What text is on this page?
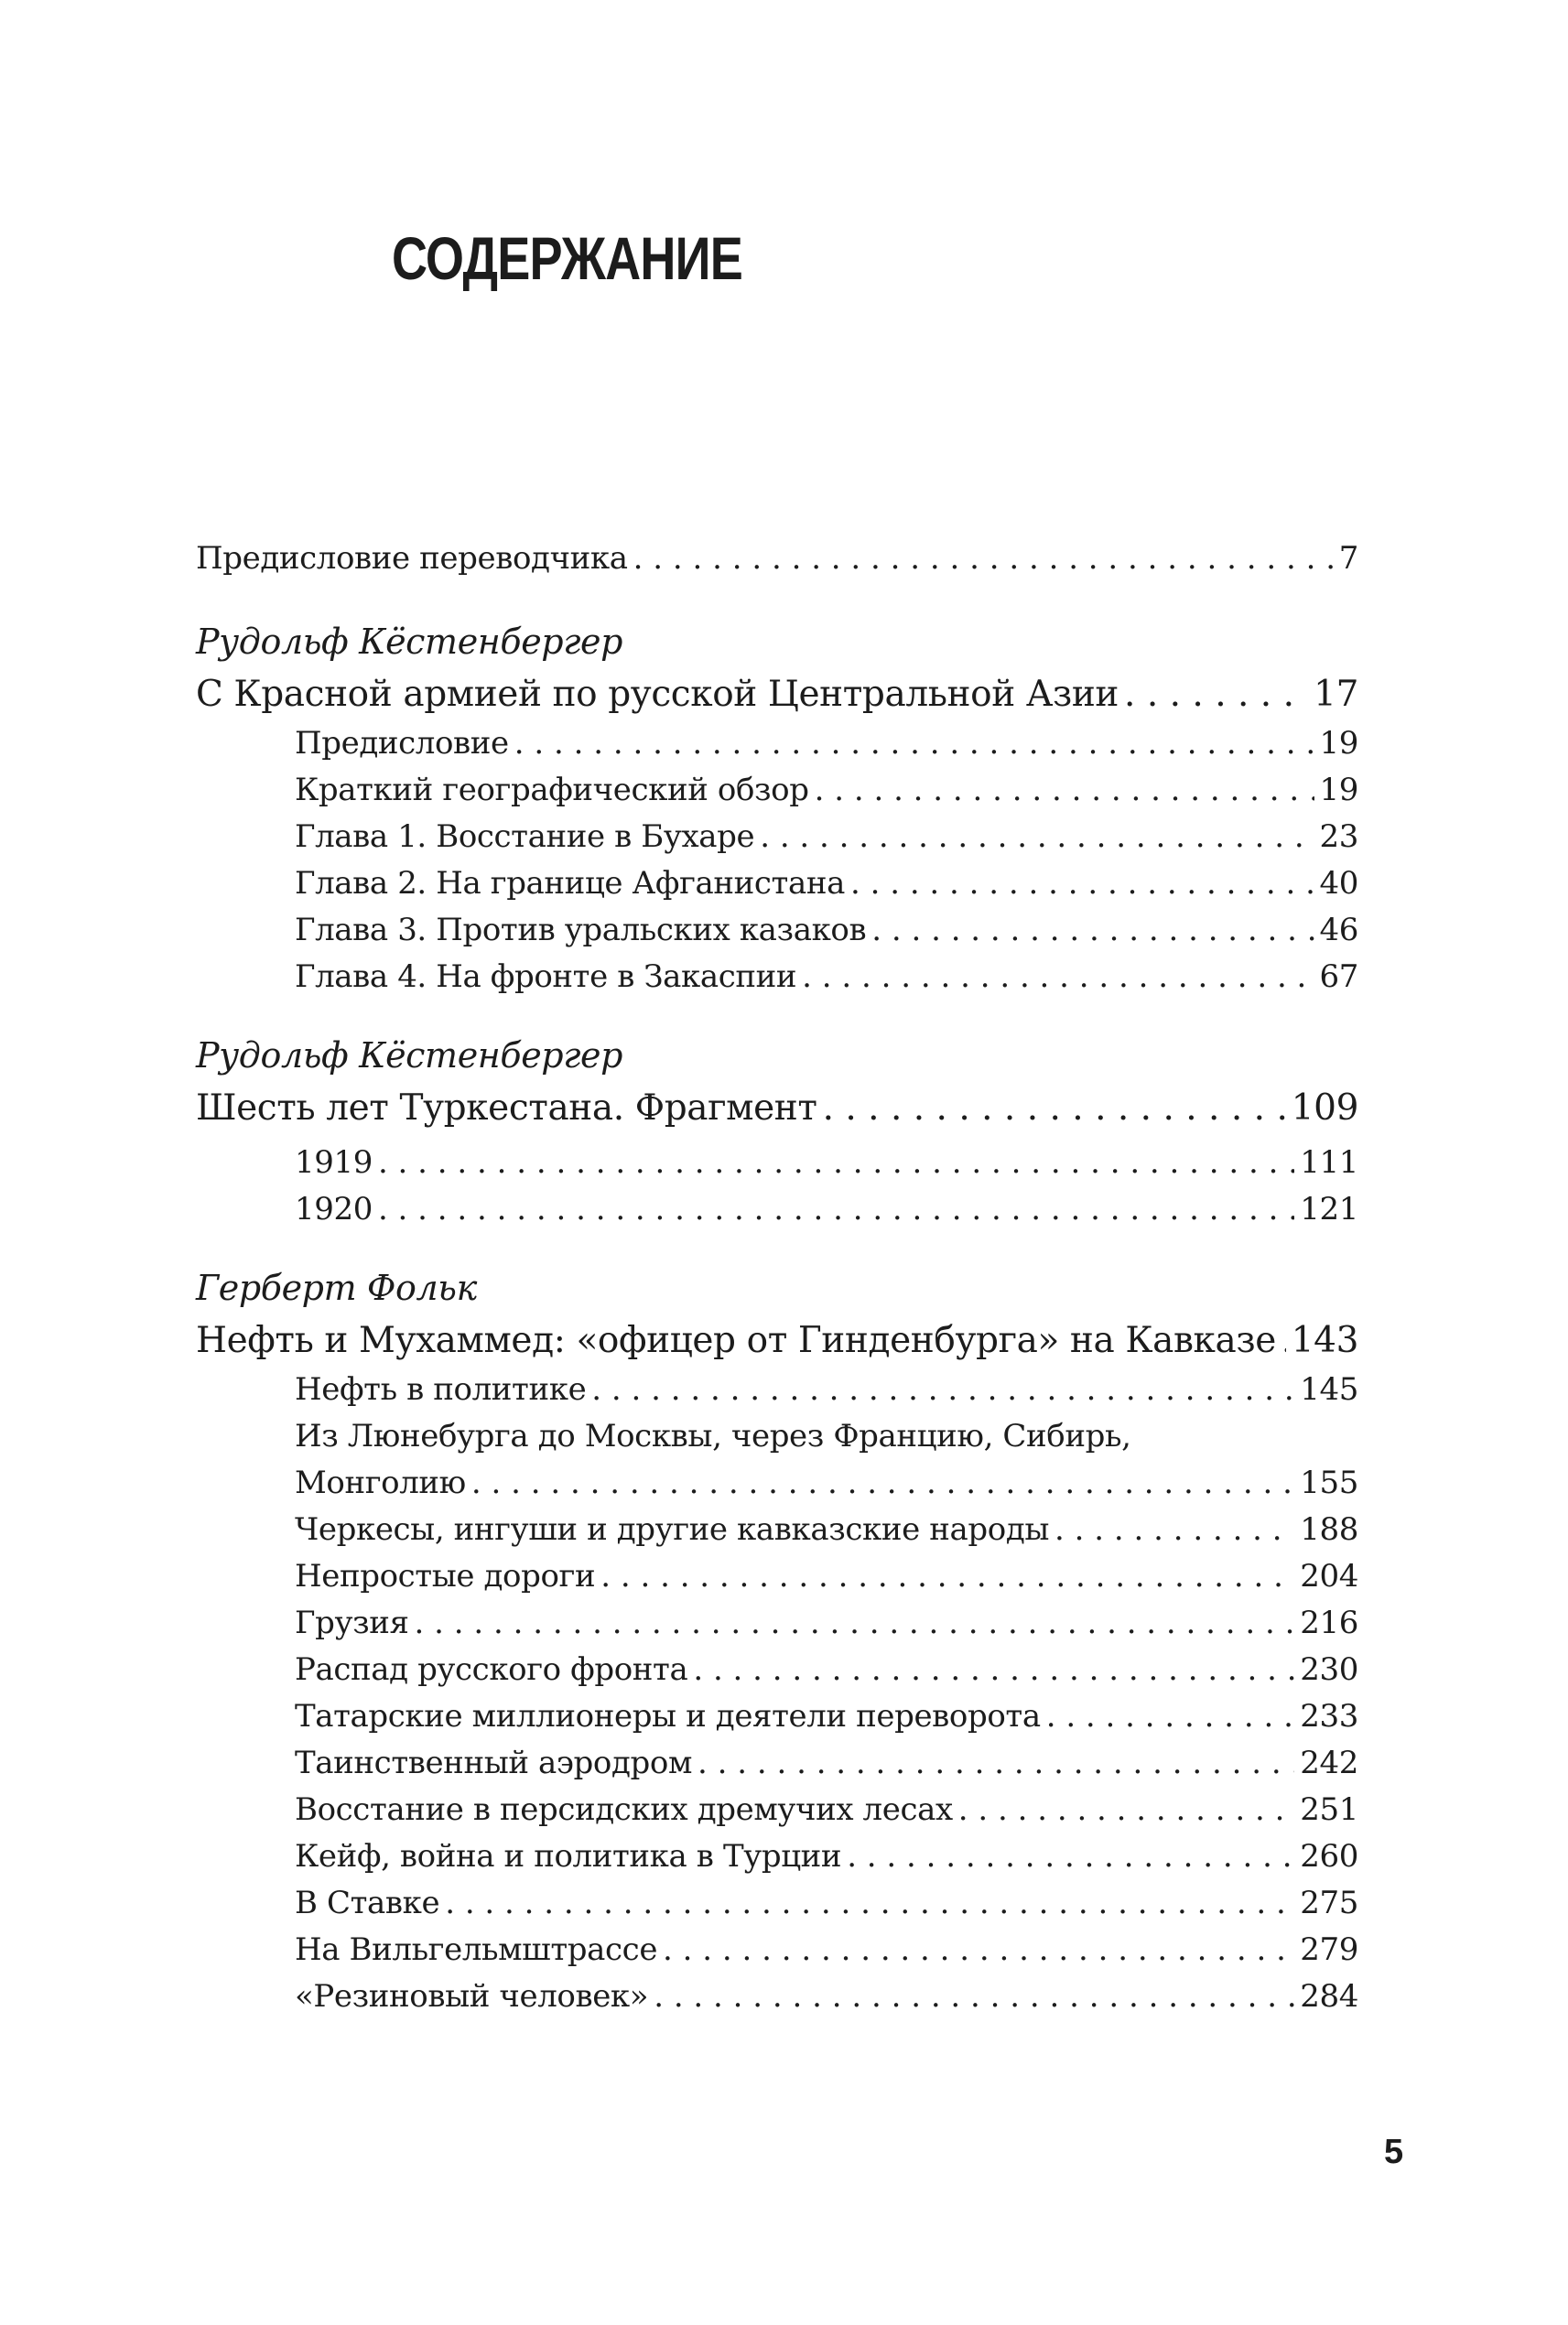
СОДЕРЖАНИЕ
Предисловие переводчика . . .	7
Рудольф Кёстенбергер
С Красной армией по русской Центральной Азии . . .	17
Предисловие . . .	19
Краткий географический обзор . . .	19
Глава 1. Восстание в Бухаре . . .	23
Глава 2. На границе Афганистана . . .	40
Глава 3. Против уральских казаков . . .	46
Глава 4. На фронте в Закаспии . . .	67
Рудольф Кёстенбергер
Шесть лет Туркестана. Фрагмент . . .	109
1919 . . .	111
1920 . . .	121
Герберт Фольк
Нефть и Мухаммед: «офицер от Гинденбурга» на Кавказе . . . 143
Нефть в политике . . .	145
Из Люнебурга до Москвы, через Францию, Сибирь,
Монголию . . .	155
Черкесы, ингуши и другие кавказские народы . . .	188
Непростые дороги . . .	204
Грузия . . .	216
Распад русского фронта . . .	230
Татарские миллионеры и деятели переворота . . .	233
Таинственный аэродром . . .	242
Восстание в персидских дремучих лесах . . .	251
Кейф, война и политика в Турции . . .	260
В Ставке . . .	275
На Вильгельмштрассе . . .	279
«Резиновый человек» . . .	284
5
